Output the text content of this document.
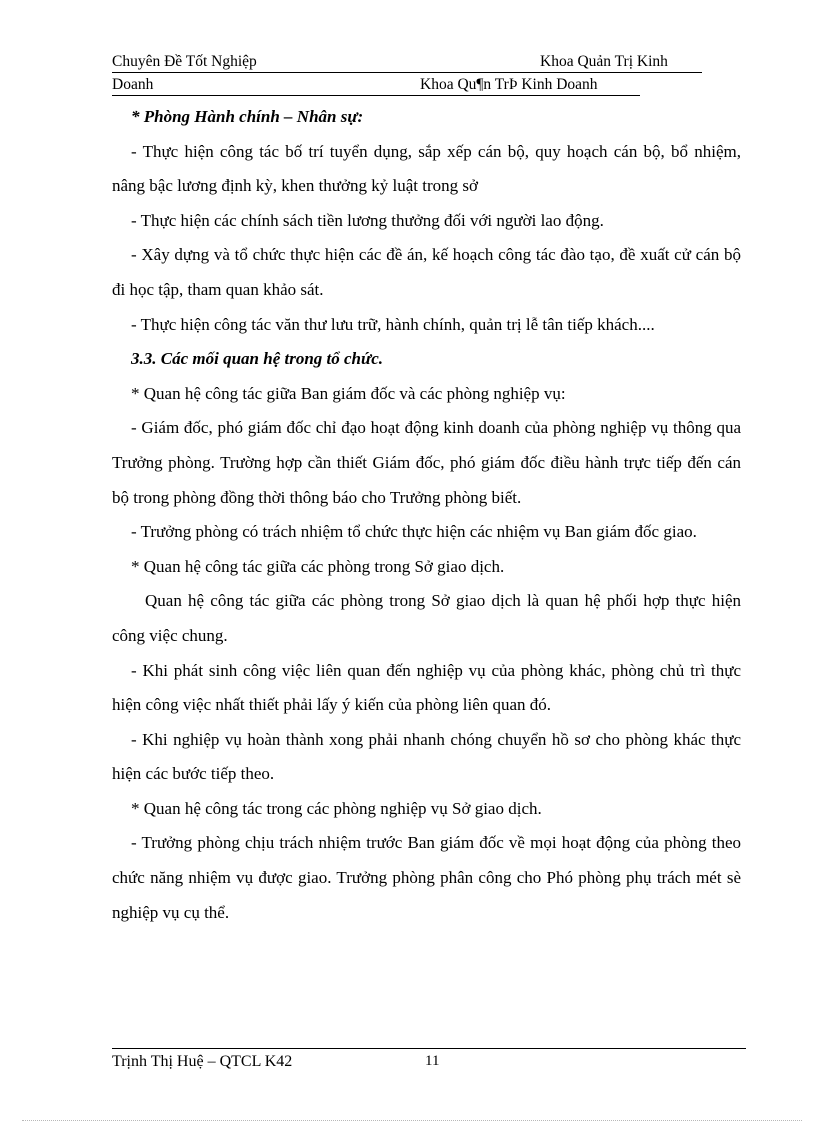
Chuyên Đề Tốt Nghiệp	Khoa Quản Trị Kinh
Doanh	Khoa Qu¶n TrÞ Kinh Doanh

* Phòng Hành chính – Nhân sự:

- Thực hiện công tác bố trí tuyển dụng, sắp xếp cán bộ, quy hoạch cán bộ, bổ nhiệm, nâng bậc lương định kỳ, khen thưởng kỷ luật trong sở

- Thực hiện các chính sách tiền lương thưởng đối với người lao động.

- Xây dựng và tổ chức thực hiện các đề án, kế hoạch công tác đào tạo, đề xuất cử cán bộ đi học tập, tham quan khảo sát.

- Thực hiện công tác văn thư lưu trữ, hành chính, quản trị lễ tân tiếp khách....

3.3. Các mối quan hệ trong tổ chức.

* Quan hệ công tác giữa Ban giám đốc và các phòng nghiệp vụ:

- Giám đốc, phó giám đốc chỉ đạo hoạt động kinh doanh của phòng nghiệp vụ thông qua Trưởng phòng. Trường hợp cần thiết Giám đốc, phó giám đốc điều hành trực tiếp đến cán bộ trong phòng đồng thời thông báo cho Trưởng phòng biết.

- Trưởng phòng có trách nhiệm tổ chức thực hiện các nhiệm vụ Ban giám đốc giao.

* Quan hệ công tác giữa các phòng trong Sở giao dịch.

Quan hệ công tác giữa các phòng trong Sở giao dịch là quan hệ phối hợp thực hiện công việc chung.

- Khi phát sinh công việc liên quan đến nghiệp vụ của phòng khác, phòng chủ trì thực hiện công việc nhất thiết phải lấy ý kiến của phòng liên quan đó.

- Khi nghiệp vụ hoàn thành xong phải nhanh chóng chuyển hồ sơ cho phòng khác thực hiện các bước tiếp theo.

* Quan hệ công tác trong các phòng nghiệp vụ Sở giao dịch.

- Trưởng phòng chịu trách nhiệm trước Ban giám đốc về mọi hoạt động của phòng theo chức năng nhiệm vụ được giao. Trưởng phòng phân công cho Phó phòng phụ trách mét sè nghiệp vụ cụ thể.

Trịnh Thị Huệ – QTCL K42	11
